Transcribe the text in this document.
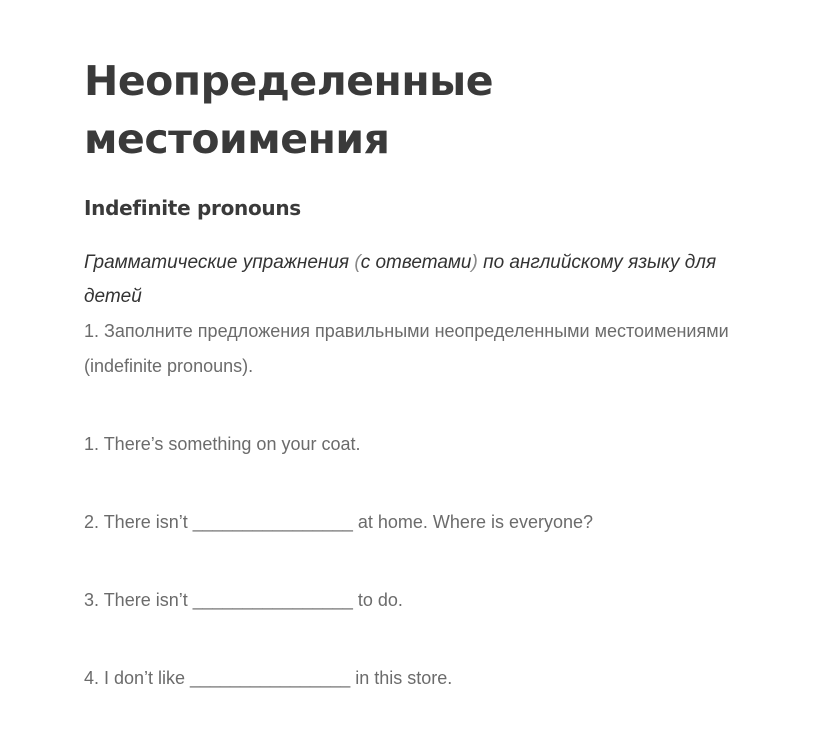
Неопределенные местоимения
Indefinite pronouns

Грамматические упражнения (с ответами) по английскому языку для детей

1. Заполните предложения правильными неопределенными местоимениями (indefinite pronouns).

1. There’s something on your coat.

2. There isn’t ________________ at home. Where is everyone?

3. There isn’t ________________ to do.

4. I don’t like ________________ in this store.
